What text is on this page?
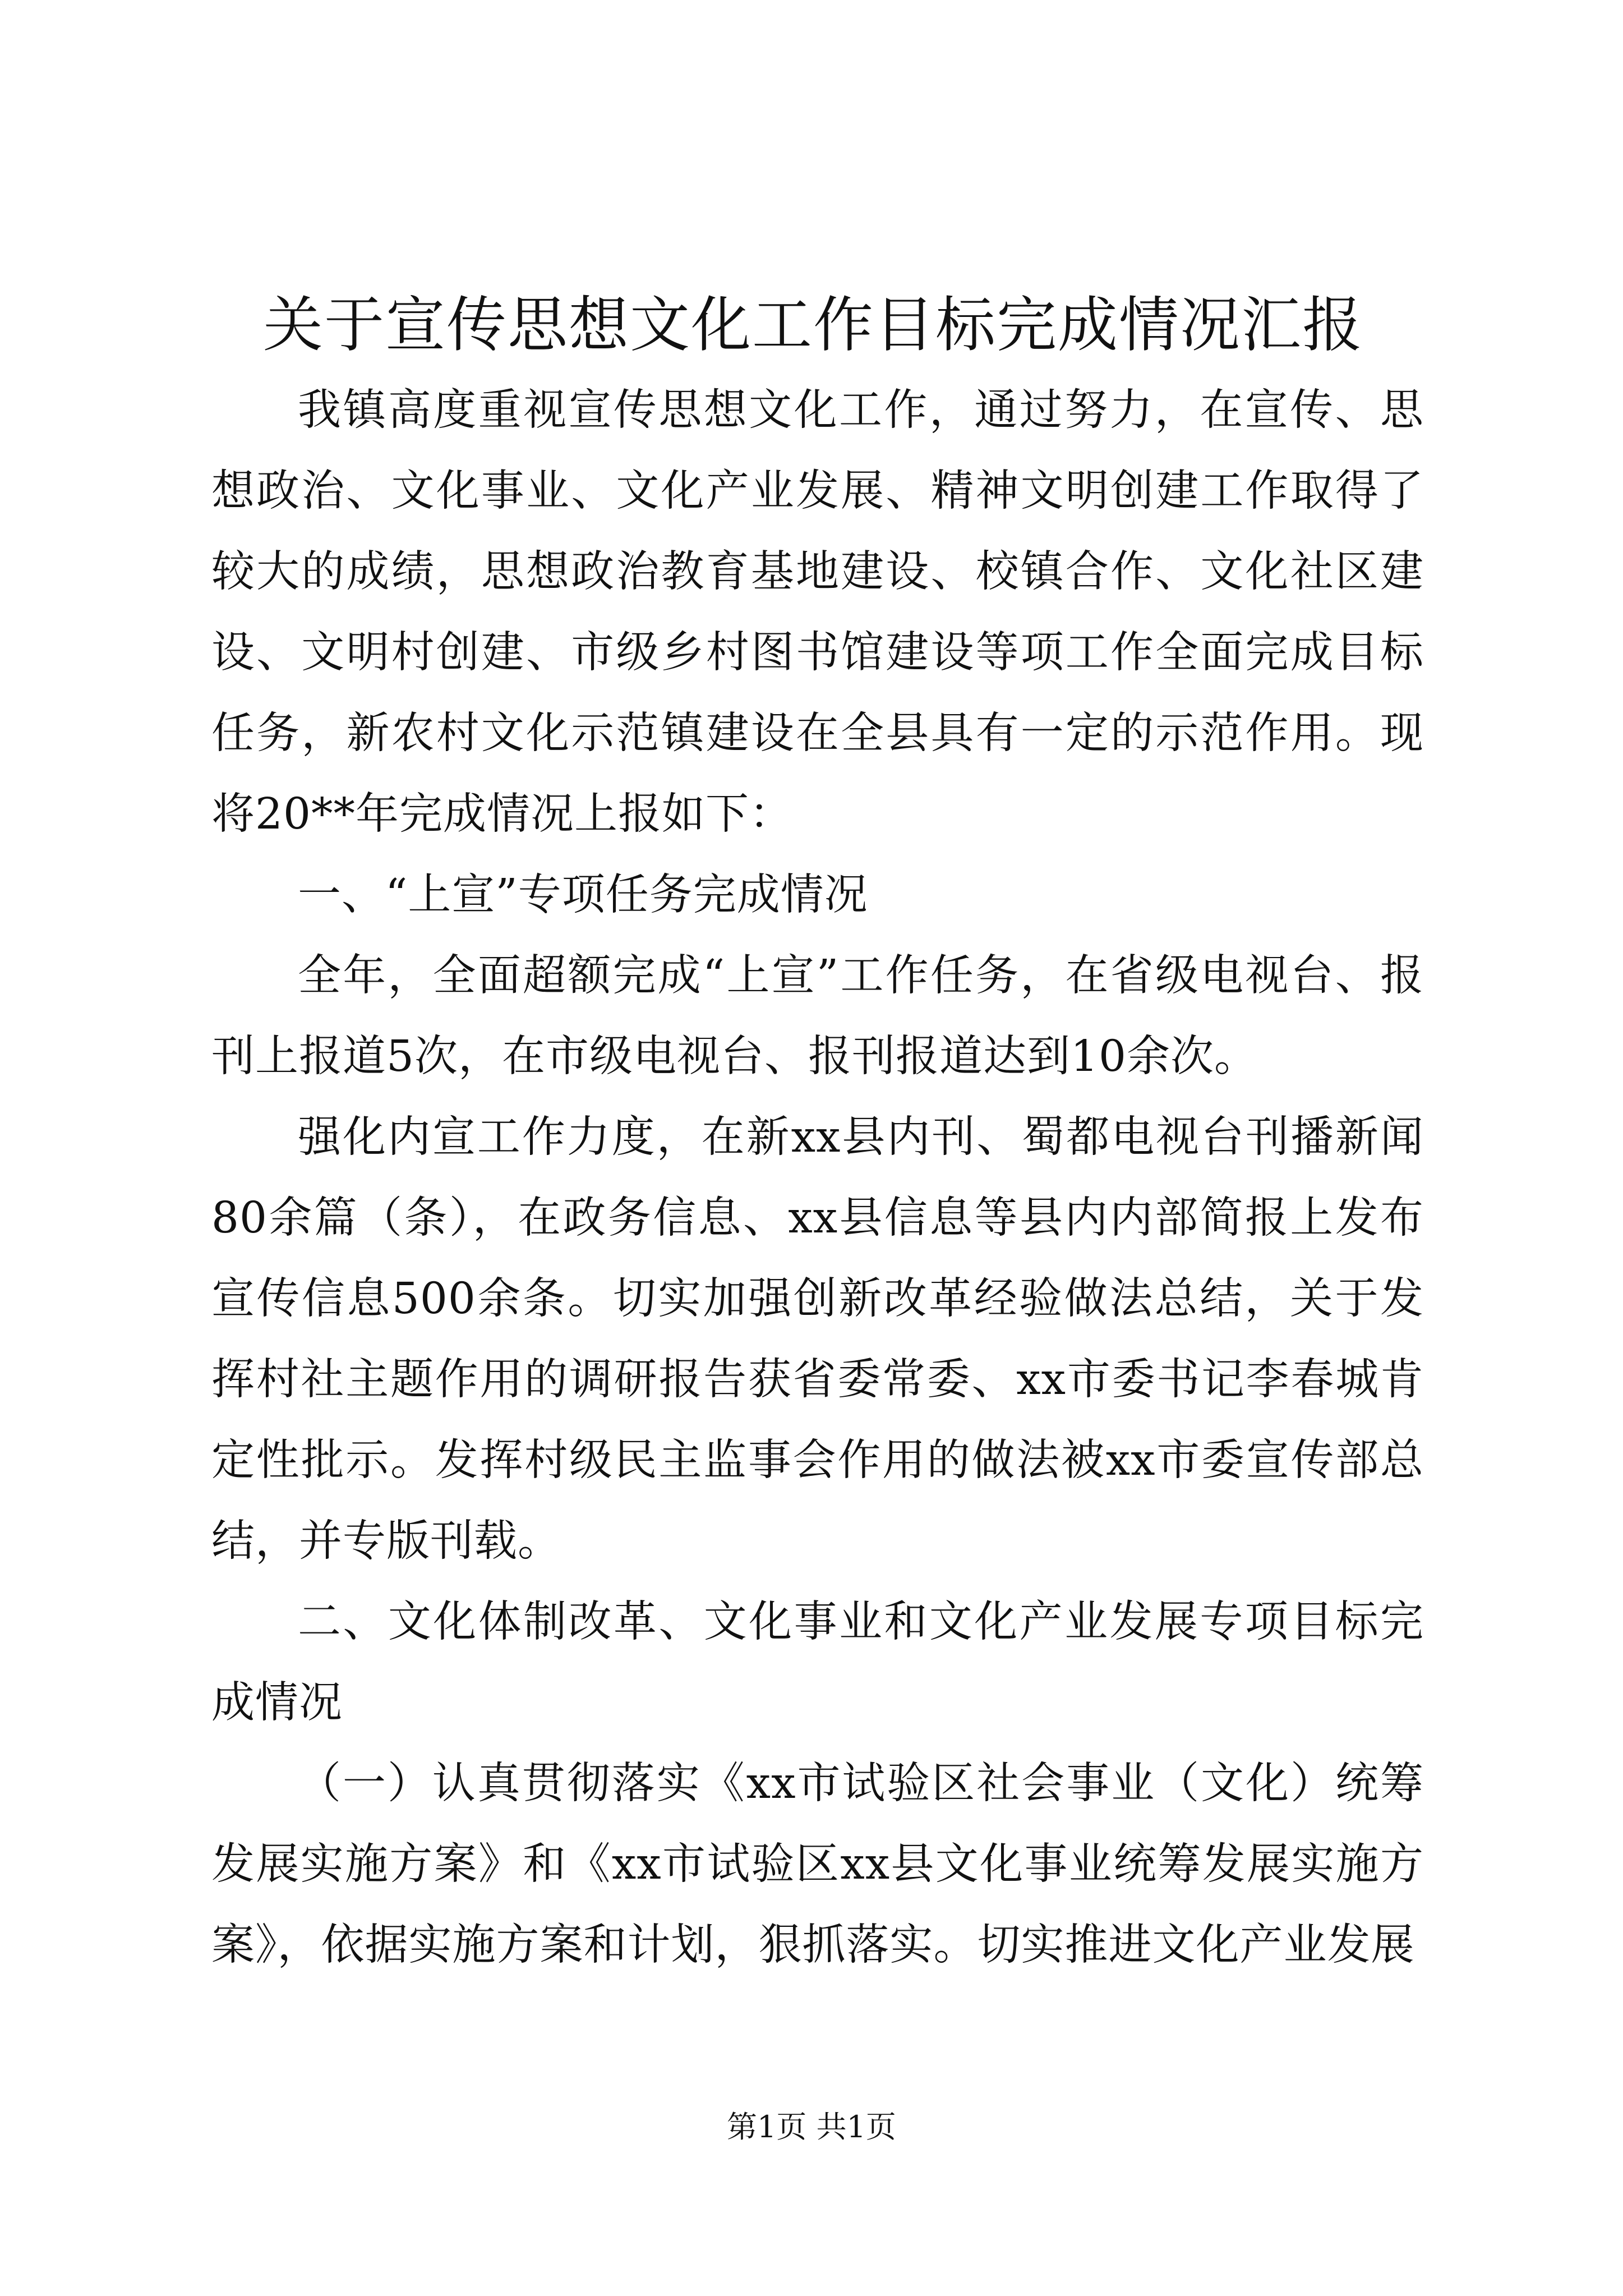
关于宣传思想文化工作目标完成情况汇报

我镇高度重视宣传思想文化工作，通过努力，在宣传、思想政治、文化事业、文化产业发展、精神文明创建工作取得了较大的成绩，思想政治教育基地建设、校镇合作、文化社区建设、文明村创建、市级乡村图书馆建设等项工作全面完成目标任务，新农村文化示范镇建设在全县具有一定的示范作用。现将20**年完成情况上报如下：

一、“上宣”专项任务完成情况

全年，全面超额完成“上宣”工作任务，在省级电视台、报刊上报道5次，在市级电视台、报刊报道达到10余次。

强化内宣工作力度，在新xx县内刊、蜀都电视台刊播新闻80余篇（条），在政务信息、xx县信息等县内内部简报上发布宣传信息500余条。切实加强创新改革经验做法总结，关于发挥村社主题作用的调研报告获省委常委、xx市委书记李春城肯定性批示。发挥村级民主监事会作用的做法被xx市委宣传部总结，并专版刊载。

二、文化体制改革、文化事业和文化产业发展专项目标完成情况

（一）认真贯彻落实《xx市试验区社会事业（文化）统筹发展实施方案》和《xx市试验区xx县文化事业统筹发展实施方案》，依据实施方案和计划，狠抓落实。切实推进文化产业发展

第1页 共1页
